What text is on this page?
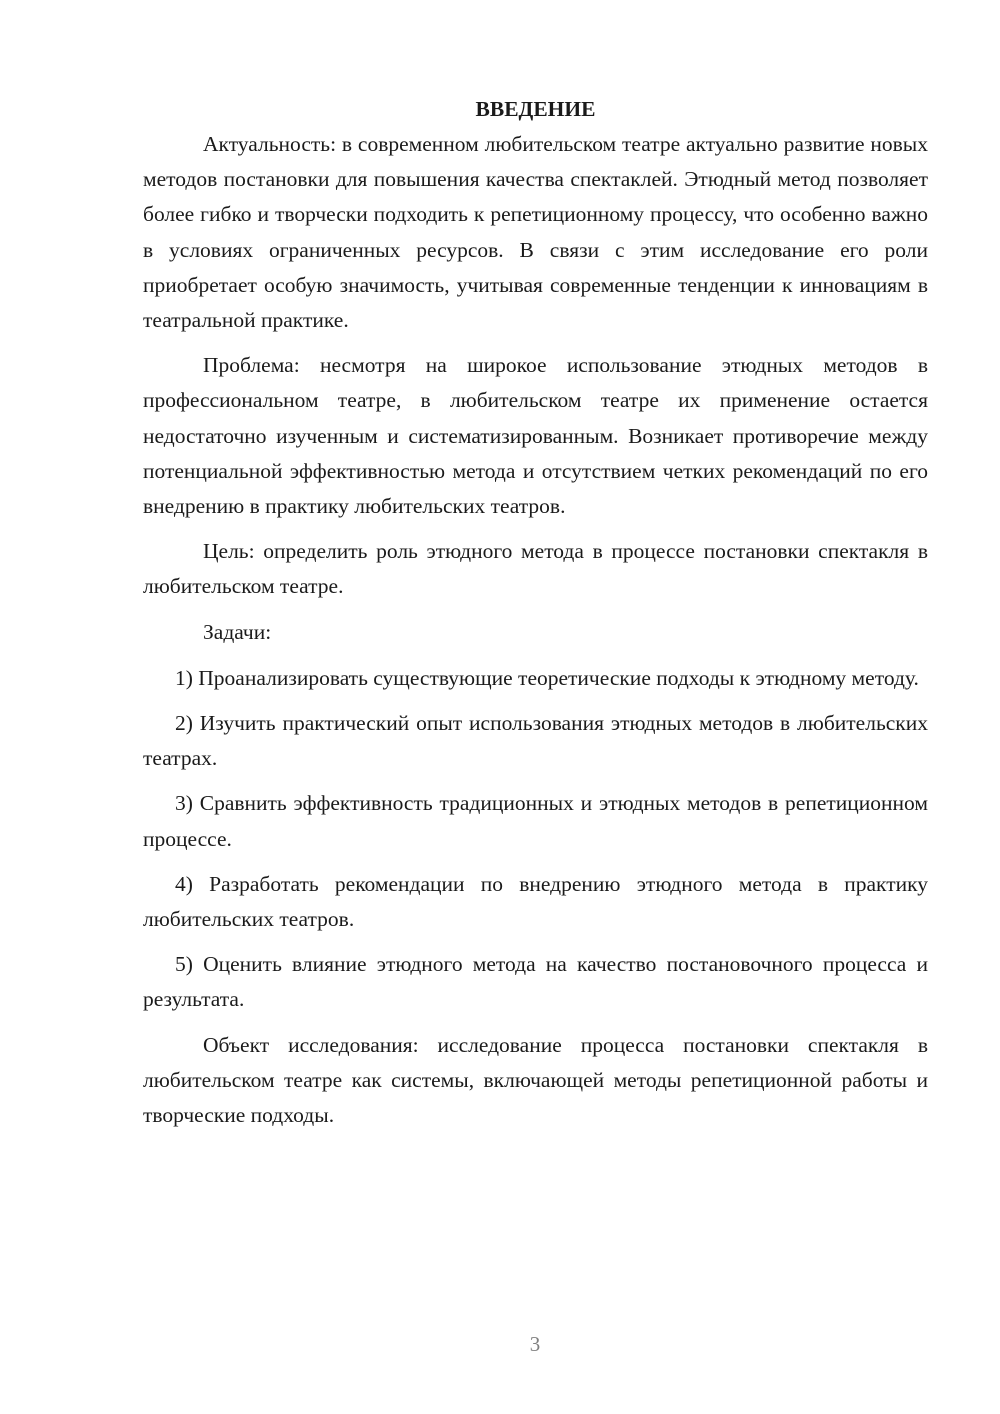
ВВЕДЕНИЕ

Актуальность: в современном любительском театре актуально развитие новых методов постановки для повышения качества спектаклей. Этюдный метод позволяет более гибко и творчески подходить к репетиционному процессу, что особенно важно в условиях ограниченных ресурсов. В связи с этим исследование его роли приобретает особую значимость, учитывая современные тенденции к инновациям в театральной практике.

Проблема: несмотря на широкое использование этюдных методов в профессиональном театре, в любительском театре их применение остается недостаточно изученным и систематизированным. Возникает противоречие между потенциальной эффективностью метода и отсутствием четких рекомендаций по его внедрению в практику любительских театров.

Цель: определить роль этюдного метода в процессе постановки спектакля в любительском театре.

Задачи:

1) Проанализировать существующие теоретические подходы к этюдному методу.

2) Изучить практический опыт использования этюдных методов в любительских театрах.

3) Сравнить эффективность традиционных и этюдных методов в репетиционном процессе.

4) Разработать рекомендации по внедрению этюдного метода в практику любительских театров.

5) Оценить влияние этюдного метода на качество постановочного процесса и результата.

Объект исследования: исследование процесса постановки спектакля в любительском театре как системы, включающей методы репетиционной работы и творческие подходы.

3
